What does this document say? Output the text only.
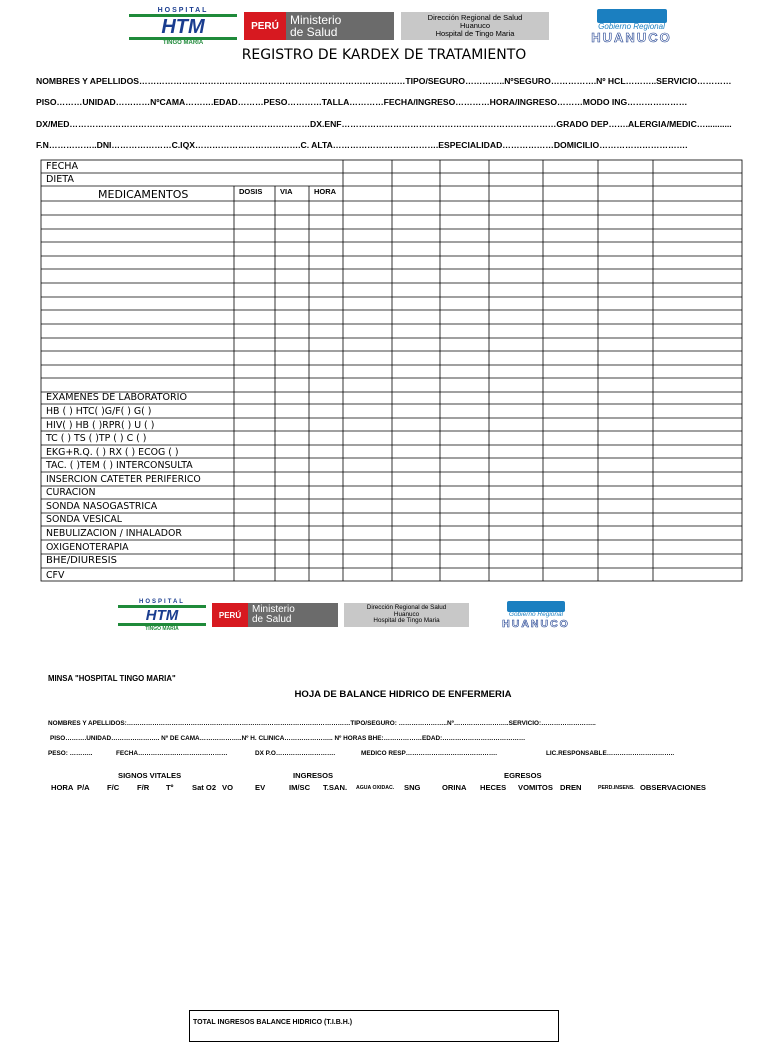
HOSPITAL
HTM
TINGO MARIA
PERÚ Ministerio
de Salud
Dirección Regional de Salud
Huanuco
Hospital de Tingo Maria
Gobierno Regional
HUANUCO
REGISTRO DE KARDEX DE TRATAMIENTO
NOMBRES Y APELLIDOS…………………………………………………………………………………TIPO/SEGURO…………..NºSEGURO…………….Nº HCL………..SERVICIO…………
PISO………UNIDAD…………NºCAMA……….EDAD………PESO…………TALLA…………FECHA/INGRESO…………HORA/INGRESO………MODO ING…………………
DX/MED…………………………………………………………………………DX.ENF…………………………………………………………………GRADO DEP…….ALERGIA/MEDIC…...........
F.N……………..DNI…………………C.IQX……………………………….C. ALTA……………………………….ESPECIALIDAD………………DOMICILIO………………………….
FECHA
DIETA
MEDICAMENTOS	DOSIS VIA	HORA
EXAMENES DE LABORATORIO
HB ( ) HTC( )G/F( ) G( )
HIV( ) HB ( )RPR( ) U ( )
TC ( ) TS ( )TP ( ) C ( )
EKG+R.Q. ( ) RX ( ) ECOG ( )
TAC. ( )TEM ( ) INTERCONSULTA
INSERCION CATETER PERIFERICO
CURACION
SONDA NASOGASTRICA
SONDA VESICAL
NEBULIZACION / INHALADOR
OXIGENOTERAPIA
BHE/DIURESIS
CFV
HOSPITAL
HTM
TINGO MARIA
PERÚ	Ministerio
de Salud
Dirección Regional de Salud
Huanuco
Hospital de Tingo Maria
Gobierno Regional
HUANUCO
MINSA "HOSPITAL TINGO MARIA"
HOJA DE BALANCE HIDRICO DE ENFERMERIA
NOMBRES Y APELLIDOS:……………………………………………………………………………………………TIPO/SEGURO: …………………..Nº……………………..SERVICIO:……………………..
PISO……….UNIDAD………………….. Nº DE CAMA………………..Nº H. CLINICA………………….. Nº HORAS BHE:………………EDAD:…………………………………
PESO: ………..	FECHA……………………………………	DX P.O……………………….	MEDICO RESP…………………………………….	LIC.RESPONSABLE…………………………..
SIGNOS VITALES	INGRESOS	EGRESOS
HORA P/A F/C F/R Tº Sat O2 VO	EV	IM/SC T.SAN. AGUA OXIDAC. SNG	ORINA HECES VOMITOS DREN	PERD.INSENS. OBSERVACIONES
TOTAL INGRESOS BALANCE HIDRICO (T.I.B.H.)
